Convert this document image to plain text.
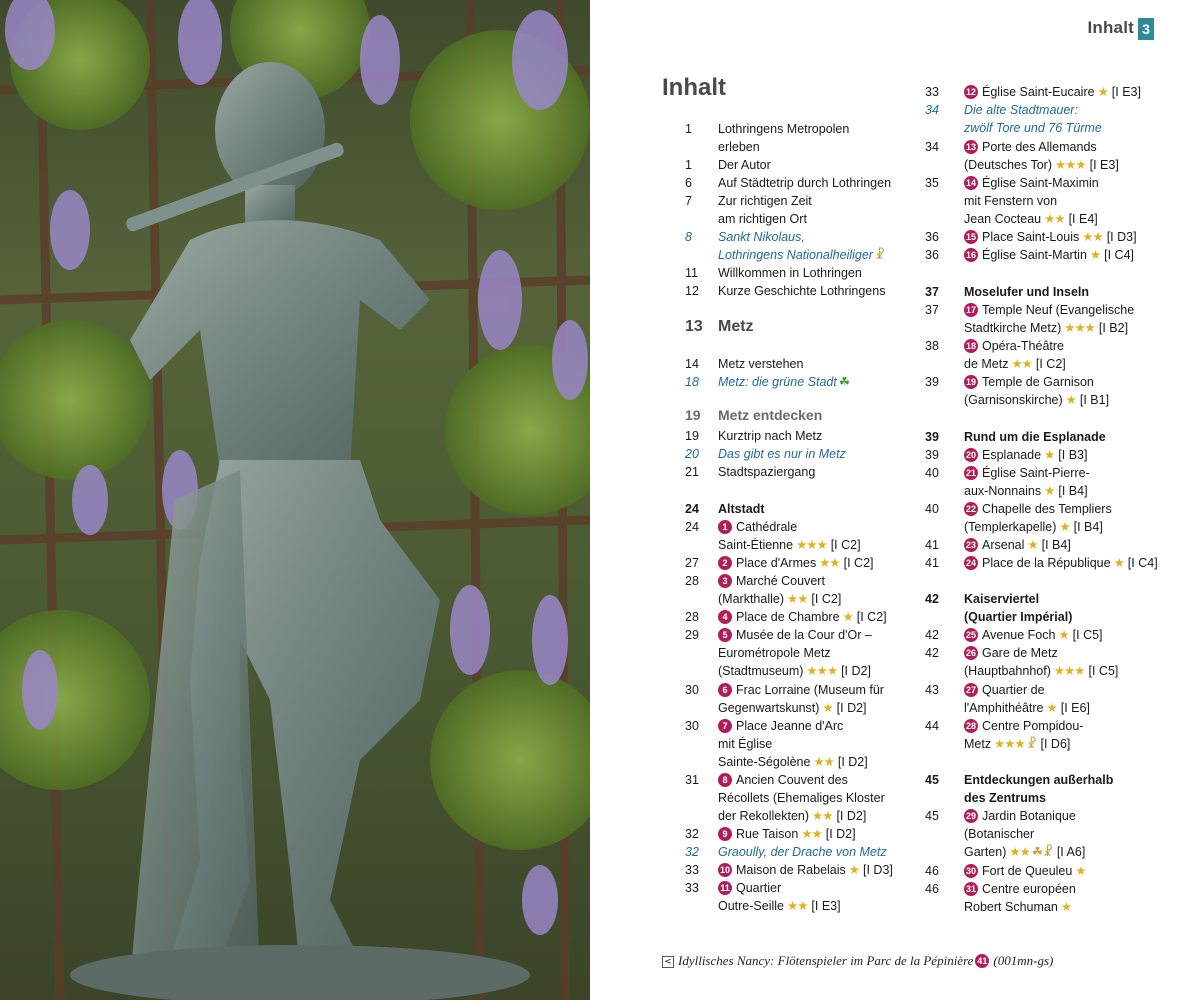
Inhalt 3
Inhalt
1	Lothringens Metropolen
erleben
1	Der Autor
6	Auf Städtetrip durch Lothringen
7	Zur richtigen Zeit
am richtigen Ort
8	Sankt Nikolaus,
Lothringens Nationalheiliger ☧
11	Willkommen in Lothringen
12	Kurze Geschichte Lothringens
13 Metz
14	Metz verstehen
18	Metz: die grüne Stadt ☘
19	Metz entdecken
19	Kurztrip nach Metz
20	Das gibt es nur in Metz
21	Stadtspaziergang
24	Altstadt
24	1 Cathédrale
Saint-Étienne ★★★ [I C2]
27	2 Place d'Armes ★★ [I C2]
28	3 Marché Couvert
(Markthalle) ★★ [I C2]
28	4 Place de Chambre ★ [I C2]
29	5 Musée de la Cour d'Or –
Eurométropole Metz
(Stadtmuseum) ★★★ [I D2]
30	6 Frac Lorraine (Museum für
Gegenwartskunst) ★ [I D2]
30	7 Place Jeanne d'Arc
mit Église
Sainte-Ségolène ★★ [I D2]
31	8 Ancien Couvent des
Récollets (Ehemaliges Kloster
der Rekollekten) ★★ [I D2]
32	9 Rue Taison ★★ [I D2]
32	Graoully, der Drache von Metz
33	10 Maison de Rabelais ★ [I D3]
33	11 Quartier
Outre-Seille ★★ [I E3]
33	12 Église Saint-Eucaire ★ [I E3]
34	Die alte Stadtmauer:
zwölf Tore und 76 Türme
34	13 Porte des Allemands
(Deutsches Tor) ★★★ [I E3]
35	14 Église Saint-Maximin
mit Fenstern von
Jean Cocteau ★★ [I E4]
36	15 Place Saint-Louis ★★ [I D3]
36	16 Église Saint-Martin ★ [I C4]
37	Moselufer und Inseln
37	17 Temple Neuf (Evangelische
Stadtkirche Metz) ★★★ [I B2]
38	18 Opéra-Théâtre
de Metz ★★ [I C2]
39	19 Temple de Garnison
(Garnisonskirche) ★ [I B1]
39	Rund um die Esplanade
39	20 Esplanade ★ [I B3]
40	21 Église Saint-Pierre-
aux-Nonnains ★ [I B4]
40	22 Chapelle des Templiers
(Templerkapelle) ★ [I B4]
41	23 Arsenal ★ [I B4]
41	24 Place de la République ★ [I C4]
42	Kaiserviertel
(Quartier Impérial)
42	25 Avenue Foch ★ [I C5]
42	26 Gare de Metz
(Hauptbahnhof) ★★★ [I C5]
43	27 Quartier de
l'Amphithéâtre ★ [I E6]
44	28 Centre Pompidou-
Metz ★★★ ☧ [I D6]
45	Entdeckungen außerhalb
des Zentrums
45	29 Jardin Botanique
(Botanischer
Garten) ★★ ☘☧ [I A6]
46	30 Fort de Queuleu ★
46	31 Centre européen
Robert Schuman ★
< Idyllisches Nancy: Flötenspieler im Parc de la Pépinière 41 (001mn-gs)
